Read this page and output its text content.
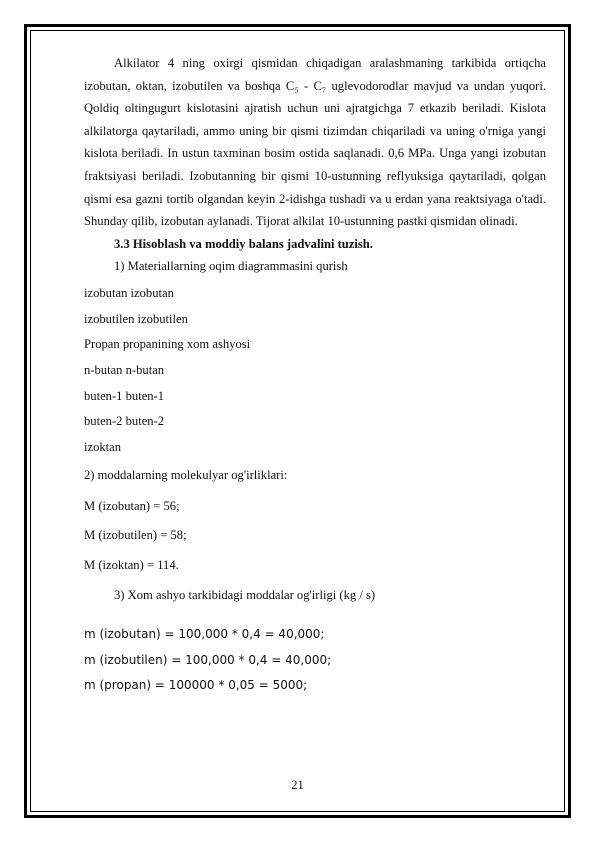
Alkilator 4 ning oxirgi qismidan chiqadigan aralashmaning tarkibida ortiqcha izobutan, oktan, izobutilen va boshqa C₅ - C₇ uglevodorodlar mavjud va undan yuqori. Qoldiq oltingugurt kislotasini ajratish uchun uni ajratgichga 7 etkazib beriladi. Kislota alkilatorga qaytariladi, ammo uning bir qismi tizimdan chiqariladi va uning o'rniga yangi kislota beriladi. In ustun taxminan bosim ostida saqlanadi. 0,6 MPa. Unga yangi izobutan fraktsiyasi beriladi. Izobutanning bir qismi 10-ustunning reflyuksiga qaytariladi, qolgan qismi esa gazni tortib olgandan keyin 2-idishga tushadi va u erdan yana reaktsiyaga o'tadi. Shunday qilib, izobutan aylanadi. Tijorat alkilat 10-ustunning pastki qismidan olinadi.

3.3 Hisoblash va moddiy balans jadvalini tuzish.

1) Materiallarning oqim diagrammasini qurish

izobutan izobutan

izobutilen izobutilen

Propan propanining xom ashyosi

n-butan n-butan

buten-1 buten-1

buten-2 buten-2

izoktan

2) moddalarning molekulyar og'irliklari:

M (izobutan) = 56;

M (izobutilen) = 58;

M (izoktan) = 114.

3) Xom ashyo tarkibidagi moddalar og'irligi (kg / s)

m (izobutan) = 100,000 * 0,4 = 40,000;

m (izobutilen) = 100,000 * 0,4 = 40,000;

m (propan) = 100000 * 0,05 = 5000;

21
